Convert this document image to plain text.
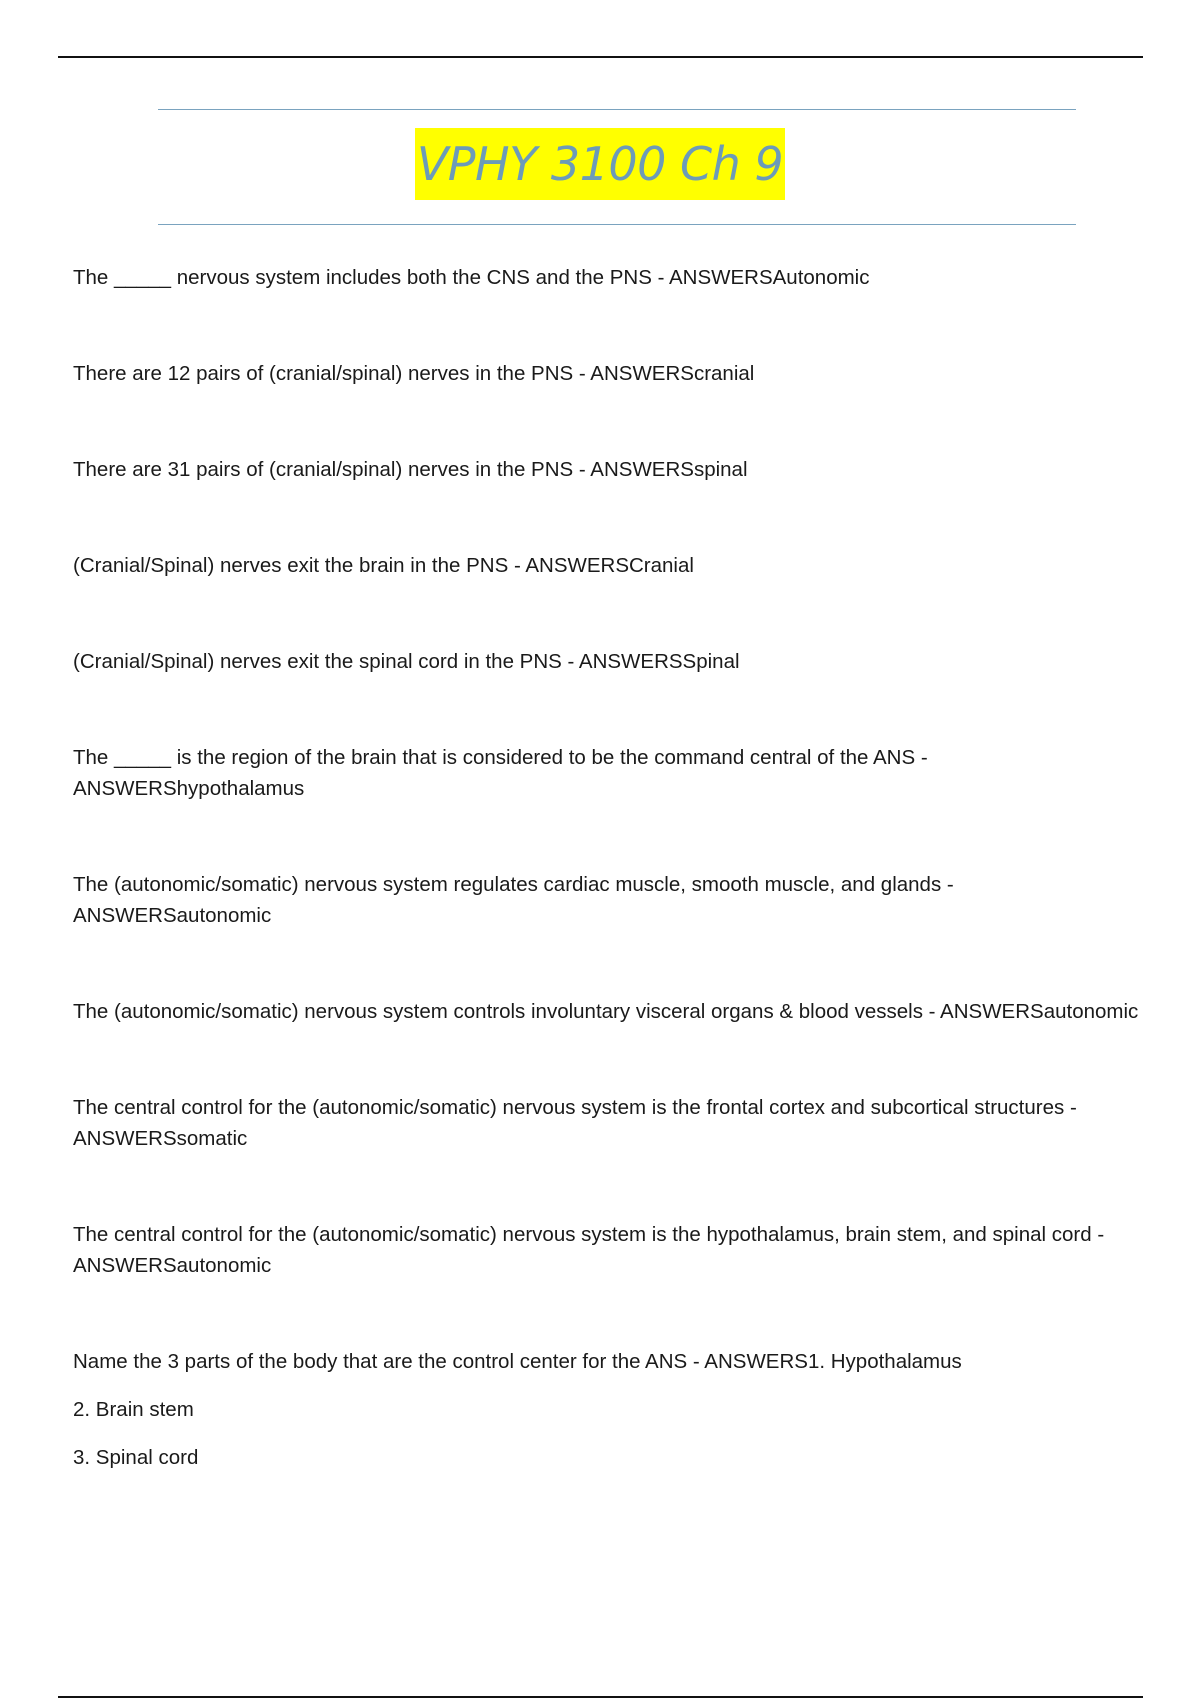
VPHY 3100 Ch 9

The _____ nervous system includes both the CNS and the PNS - ANSWERSAutonomic

There are 12 pairs of (cranial/spinal) nerves in the PNS - ANSWERScranial

There are 31 pairs of (cranial/spinal) nerves in the PNS - ANSWERSspinal

(Cranial/Spinal) nerves exit the brain in the PNS - ANSWERSCranial

(Cranial/Spinal) nerves exit the spinal cord in the PNS - ANSWERSSpinal

The _____ is the region of the brain that is considered to be the command central of the ANS - ANSWERShypothalamus

The (autonomic/somatic) nervous system regulates cardiac muscle, smooth muscle, and glands - ANSWERSautonomic

The (autonomic/somatic) nervous system controls involuntary visceral organs & blood vessels - ANSWERSautonomic

The central control for the (autonomic/somatic) nervous system is the frontal cortex and subcortical structures - ANSWERSsomatic

The central control for the (autonomic/somatic) nervous system is the hypothalamus, brain stem, and spinal cord - ANSWERSautonomic

Name the 3 parts of the body that are the control center for the ANS - ANSWERS1. Hypothalamus

2. Brain stem

3. Spinal cord
